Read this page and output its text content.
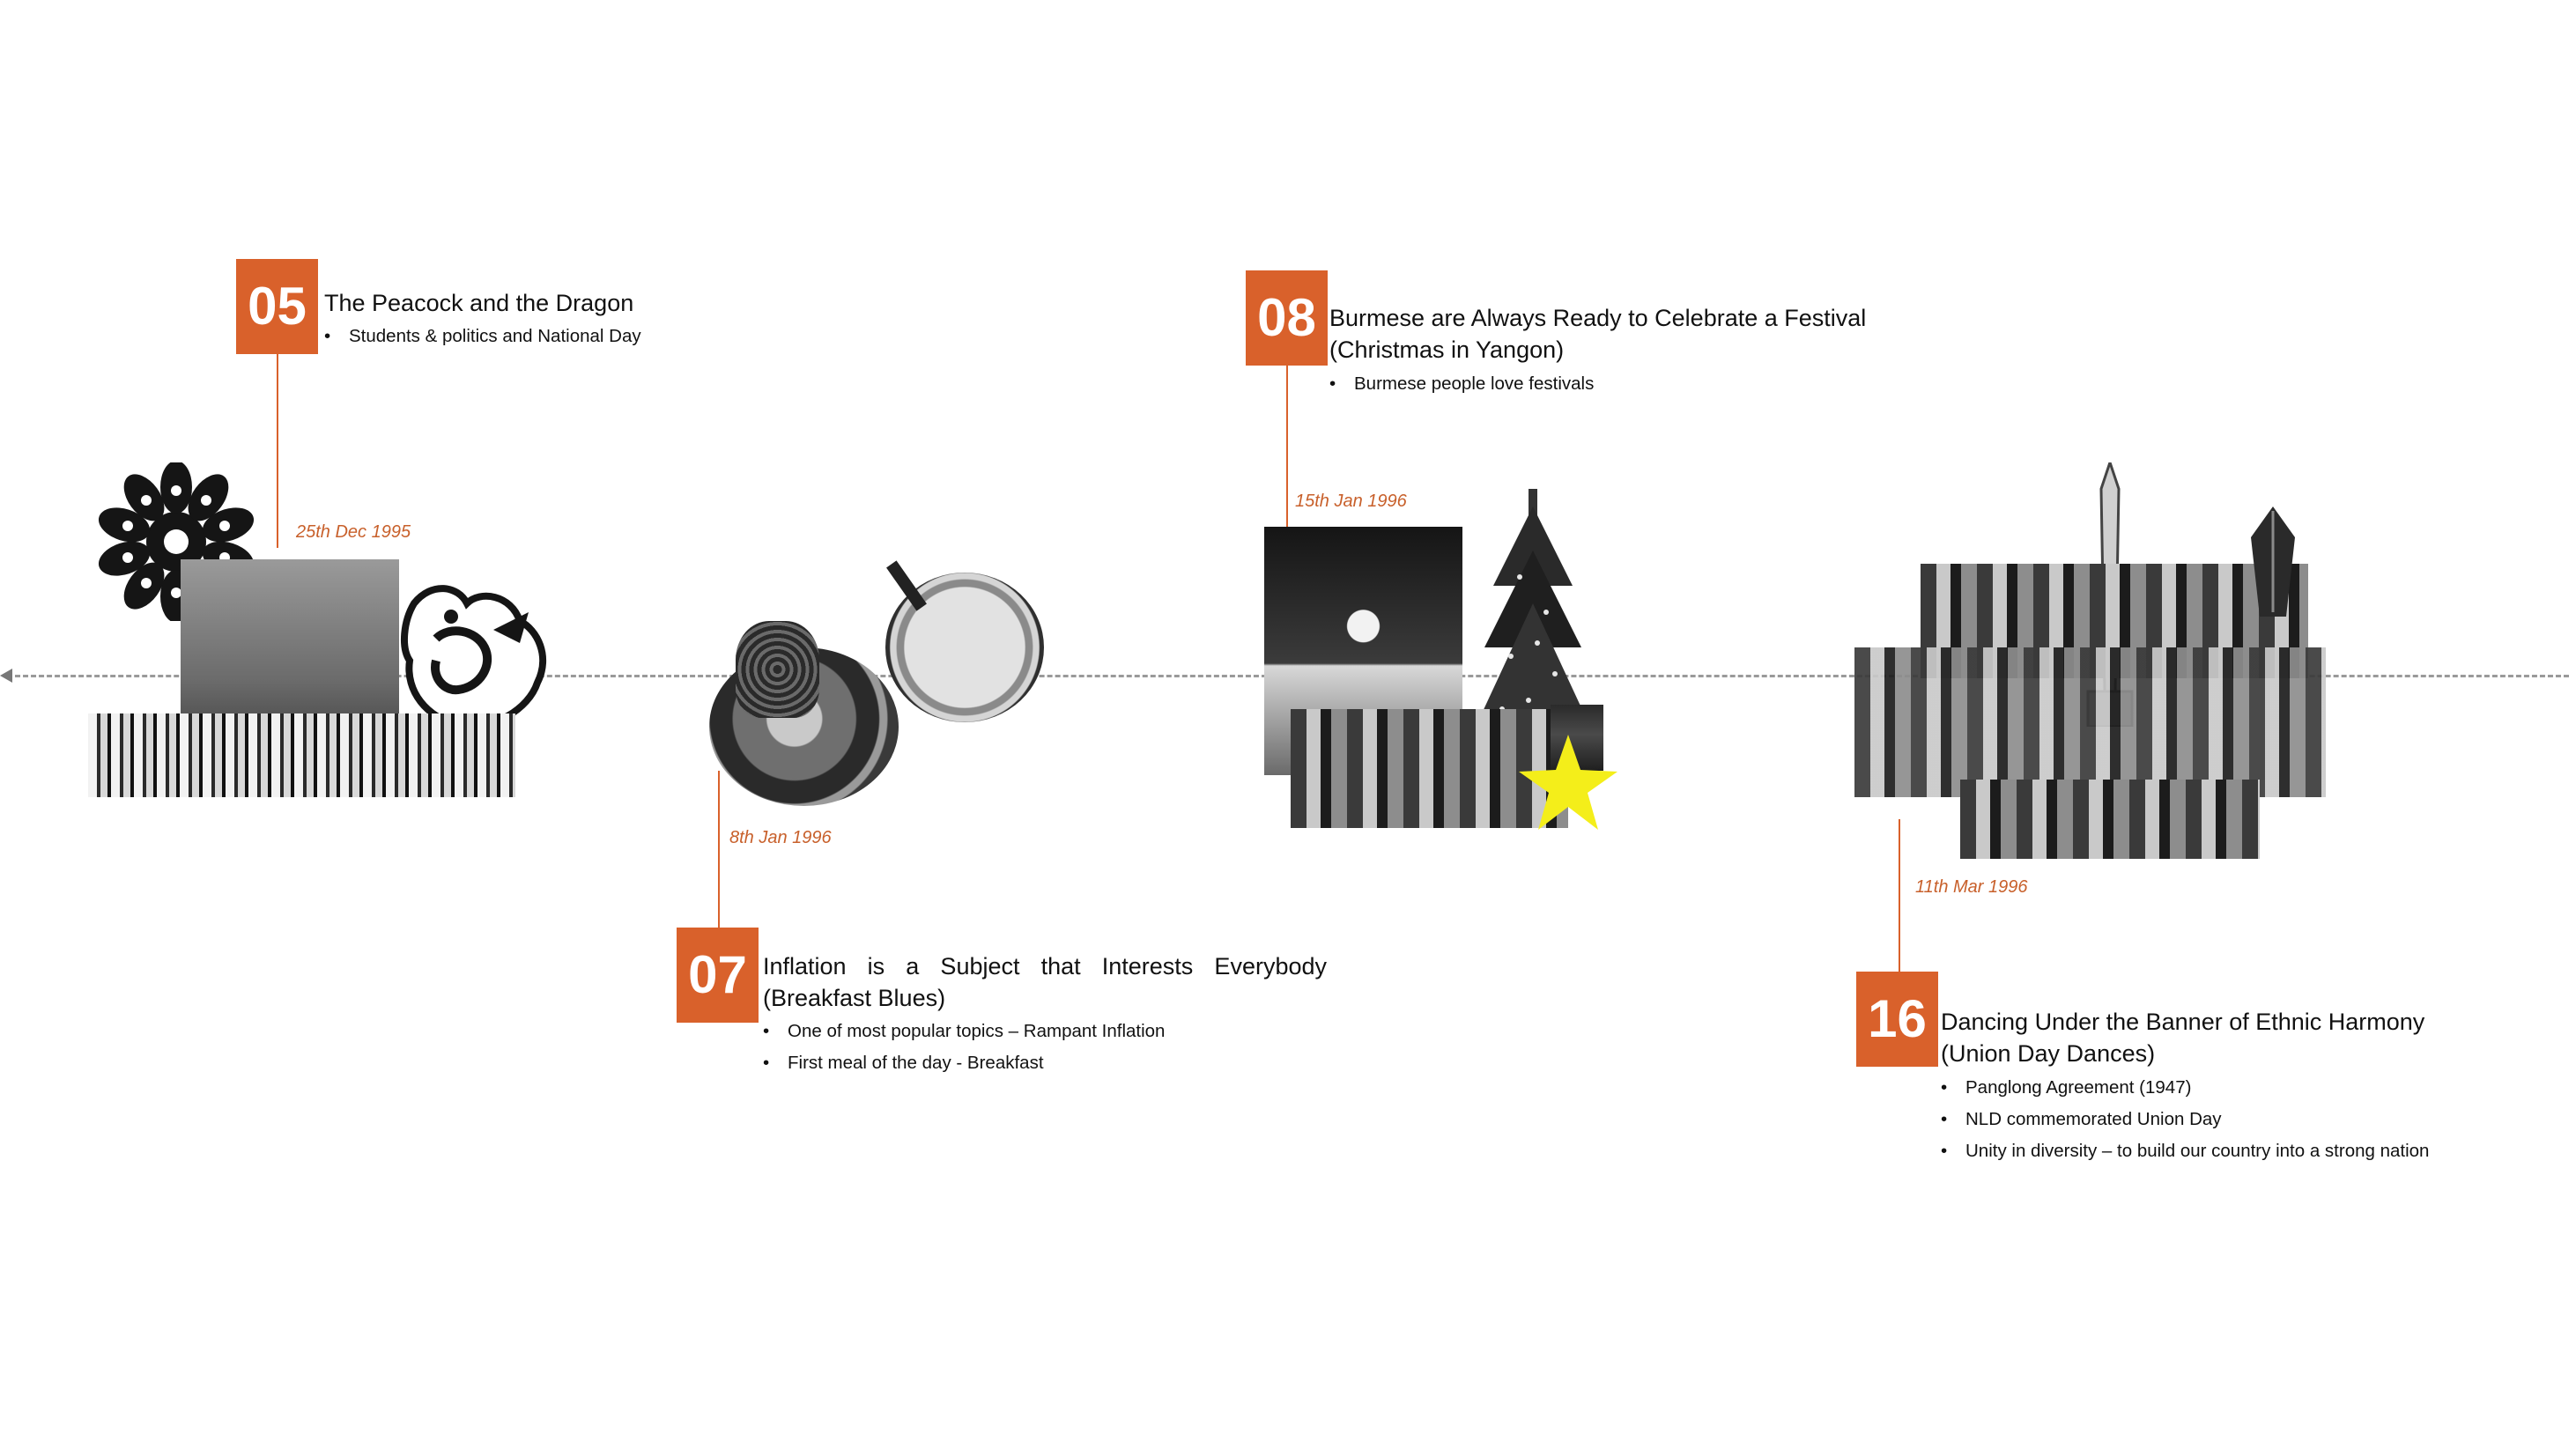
25th Dec 1995
05 The Peacock and the Dragon
• Students & politics and National Day
8th Jan 1996
07 Inflation is a Subject that Interests Everybody (Breakfast Blues)
• One of most popular topics – Rampant Inflation
• First meal of the day - Breakfast
08 Burmese are Always Ready to Celebrate a Festival (Christmas in Yangon)
• Burmese people love festivals
15th Jan 1996
11th Mar 1996
16 Dancing Under the Banner of Ethnic Harmony (Union Day Dances)
• Panglong Agreement (1947)
• NLD commemorated Union Day
• Unity in diversity – to build our country into a strong nation
